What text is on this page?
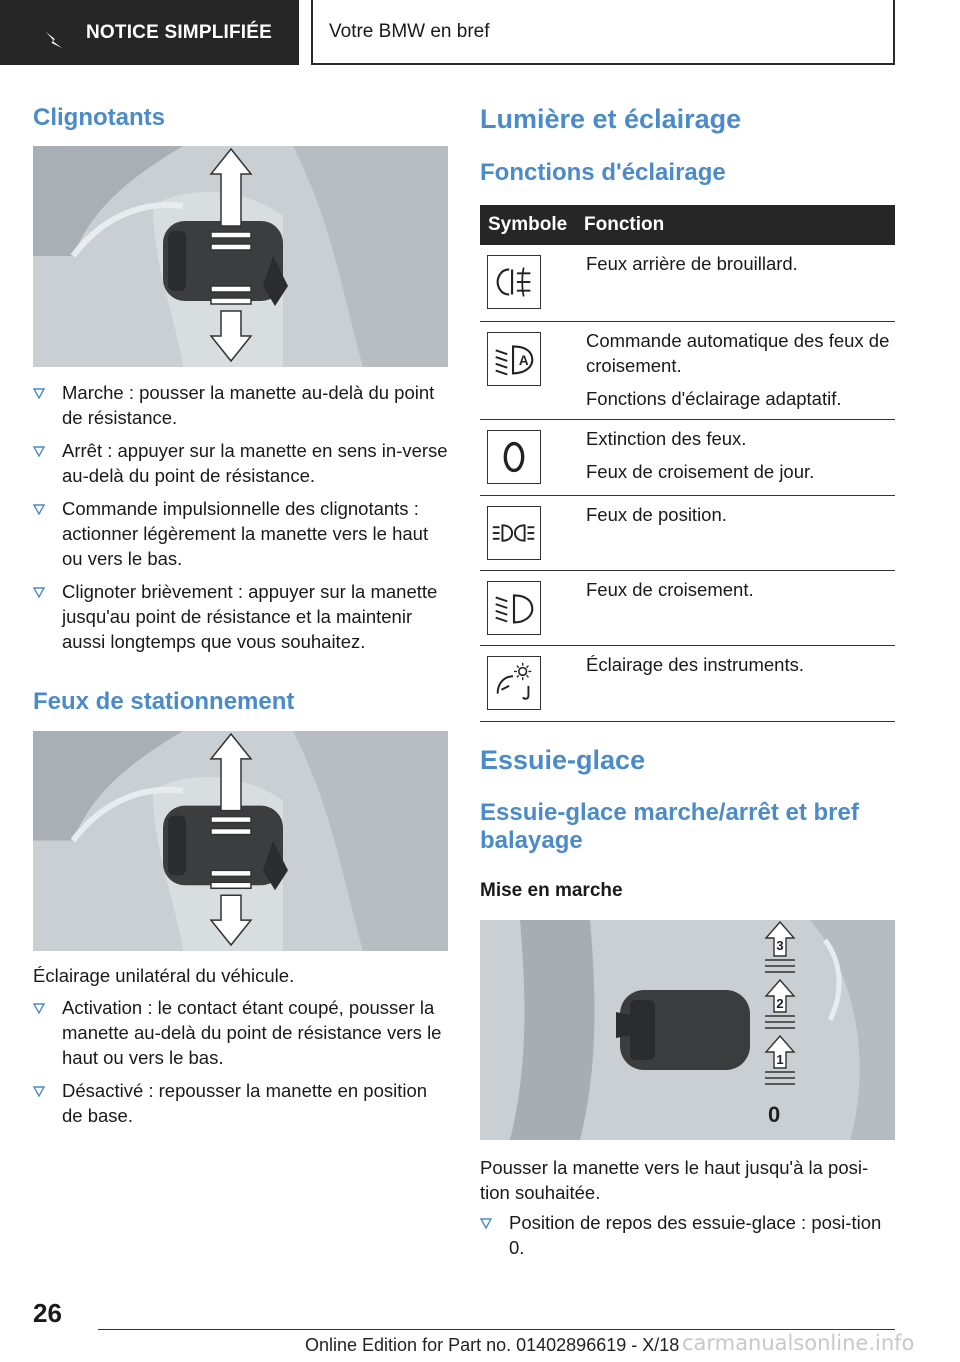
NOTICE SIMPLIFIÉE	Votre BMW en bref
Clignotants
Marche : pousser la manette au-delà du point de résistance.
Arrêt : appuyer sur la manette en sens in-verse au-delà du point de résistance.
Commande impulsionnelle des clignotants : actionner légèrement la manette vers le haut ou vers le bas.
Clignoter brièvement : appuyer sur la manette jusqu'au point de résistance et la maintenir aussi longtemps que vous souhaitez.
Feux de stationnement

Éclairage unilatéral du véhicule.

Activation : le contact étant coupé, pousser la manette au-delà du point de résistance vers le haut ou vers le bas.
Désactivé : repousser la manette en position de base.
Lumière et éclairage
Fonctions d'éclairage
Symbole	Fonction

Feux arrière de brouillard.

A	Commande automatique des feux de croisement.

Fonctions d'éclairage adaptatif.

Extinction des feux.

Feux de croisement de jour.

Feux de position.

Feux de croisement.

Éclairage des instruments.

Essuie-glace
Essuie-glace marche/arrêt et bref balayage
Mise en marche
3
2
1
0

Pousser la manette vers le haut jusqu'à la posi-tion souhaitée.

Position de repos des essuie-glace : posi-tion 0.
26
Online Edition for Part no. 01402896619 - X/18 carmanualsonline.info
